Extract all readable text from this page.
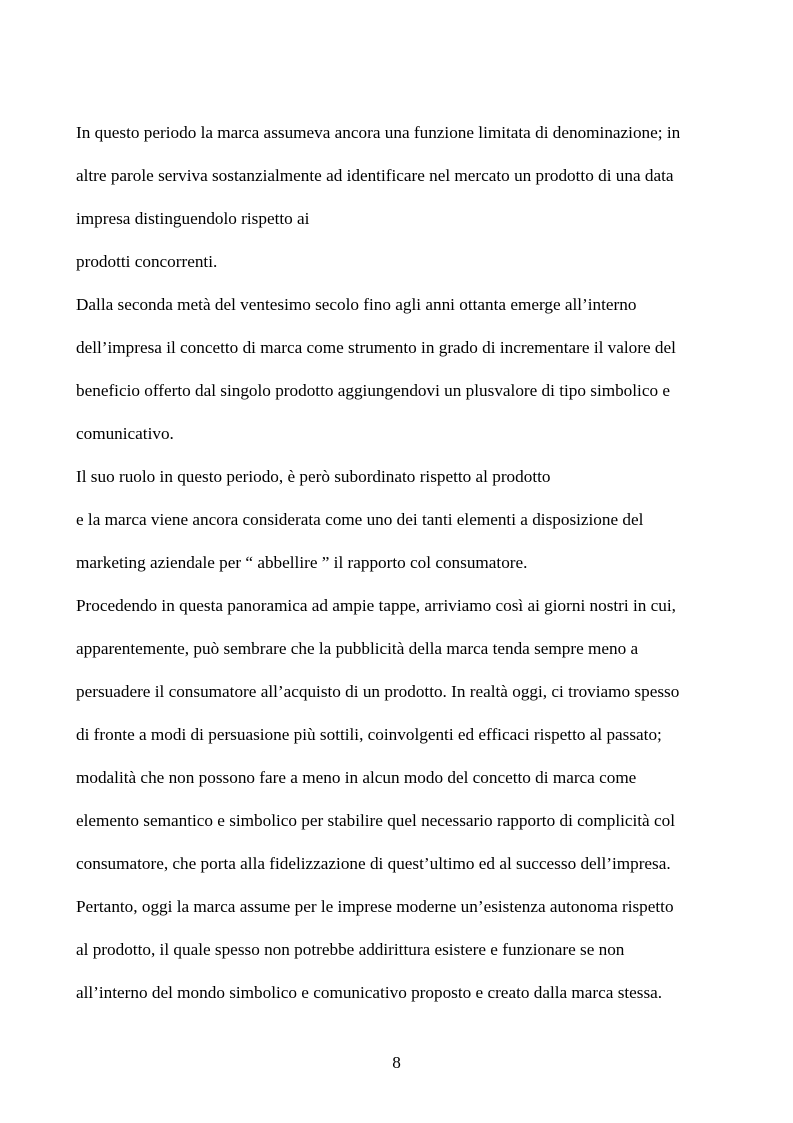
In questo periodo la marca assumeva ancora una funzione limitata di denominazione; in
altre parole serviva sostanzialmente ad identificare nel mercato un prodotto di una data
impresa distinguendolo rispetto ai
prodotti concorrenti.
Dalla seconda metà del ventesimo secolo fino agli anni ottanta emerge all’interno
dell’impresa il concetto di marca come strumento in grado di incrementare il valore del
beneficio offerto dal singolo prodotto aggiungendovi un plusvalore di tipo simbolico e
comunicativo.
Il suo ruolo in questo periodo, è però subordinato rispetto al prodotto
e la marca viene ancora considerata come uno dei tanti elementi a disposizione del
marketing aziendale per “ abbellire ” il rapporto col consumatore.
Procedendo in questa panoramica ad ampie tappe, arriviamo così ai giorni nostri in cui,
apparentemente, può sembrare che la pubblicità della marca tenda sempre meno a
persuadere il consumatore all’acquisto di un prodotto. In realtà oggi, ci troviamo spesso
di fronte a modi di persuasione più sottili, coinvolgenti ed efficaci rispetto al passato;
modalità che non possono fare a meno in alcun modo del concetto di marca come
elemento semantico e simbolico per stabilire quel necessario rapporto di complicità col
consumatore, che porta alla fidelizzazione di quest’ultimo ed al successo dell’impresa.
Pertanto, oggi la marca assume per le imprese moderne un’esistenza autonoma rispetto
al prodotto, il quale spesso non potrebbe addirittura esistere e funzionare se non
all’interno del mondo simbolico e comunicativo proposto e creato dalla marca stessa.
8
